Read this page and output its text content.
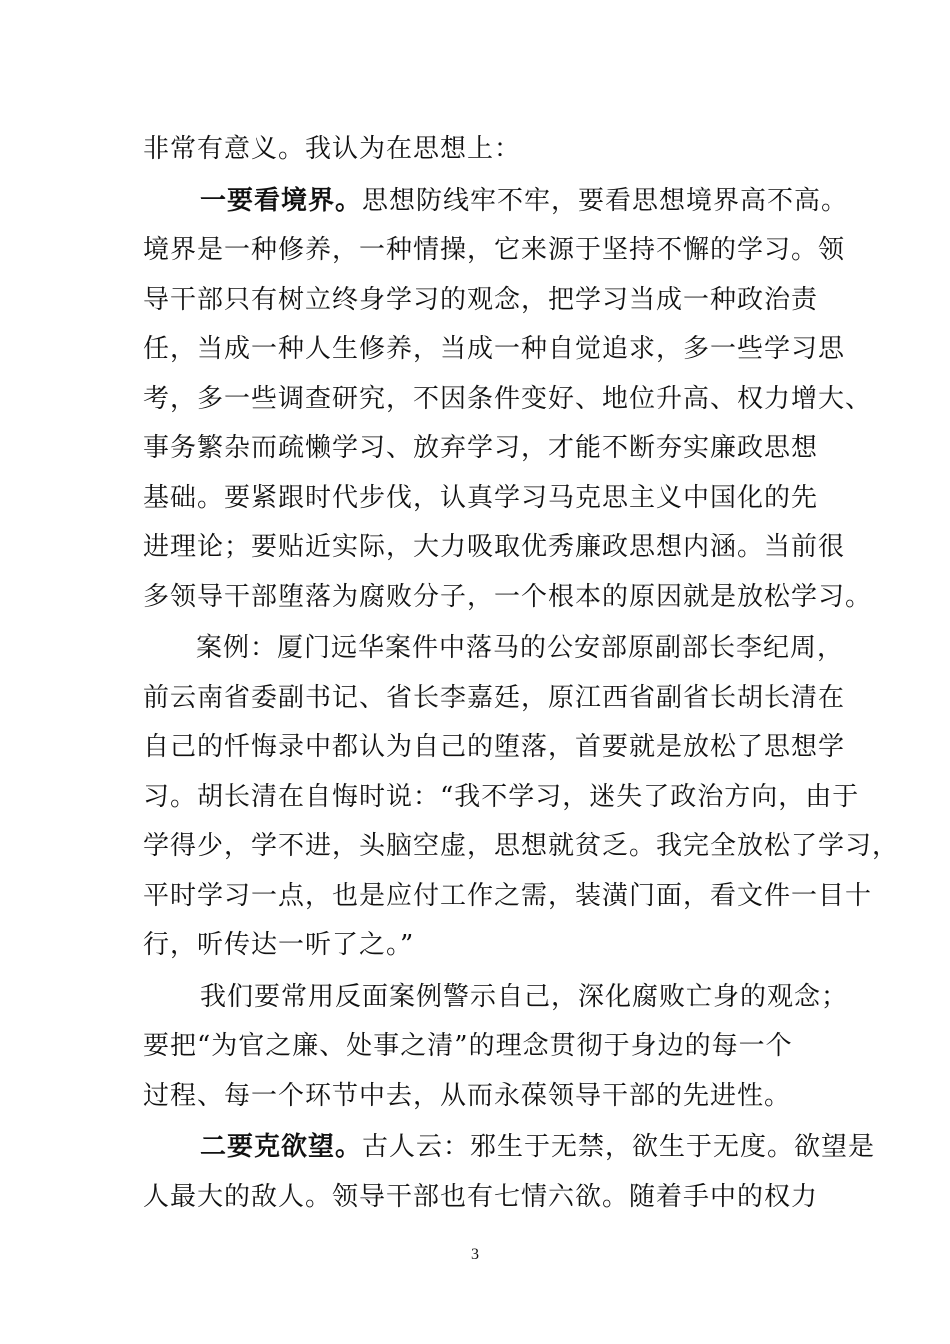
非常有意义。我认为在思想上：
一要看境界。思想防线牢不牢，要看思想境界高不高。
境界是一种修养，一种情操，它来源于坚持不懈的学习。领
导干部只有树立终身学习的观念，把学习当成一种政治责
任，当成一种人生修养，当成一种自觉追求，多一些学习思
考，多一些调查研究，不因条件变好、地位升高、权力增大、
事务繁杂而疏懒学习、放弃学习，才能不断夯实廉政思想
基础。要紧跟时代步伐，认真学习马克思主义中国化的先
进理论；要贴近实际，大力吸取优秀廉政思想内涵。当前很
多领导干部堕落为腐败分子，一个根本的原因就是放松学习。
案例：厦门远华案件中落马的公安部原副部长李纪周，
前云南省委副书记、省长李嘉廷，原江西省副省长胡长清在
自己的忏悔录中都认为自己的堕落，首要就是放松了思想学
习。胡长清在自悔时说：“我不学习，迷失了政治方向，由于
学得少，学不进，头脑空虚，思想就贫乏。我完全放松了学习，
平时学习一点，也是应付工作之需，装潢门面，看文件一目十
行，听传达一听了之。”
我们要常用反面案例警示自己，深化腐败亡身的观念；
要把“为官之廉、处事之清”的理念贯彻于身边的每一个
过程、每一个环节中去，从而永葆领导干部的先进性。
二要克欲望。古人云：邪生于无禁，欲生于无度。欲望是
人最大的敌人。领导干部也有七情六欲。随着手中的权力
3
